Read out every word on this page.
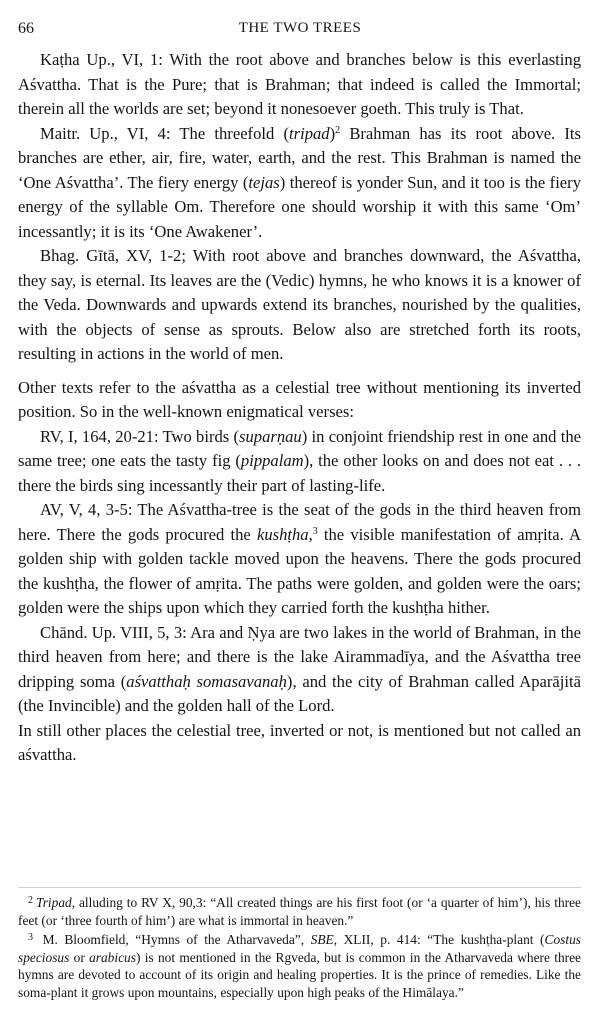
66	THE TWO TREES

Kaṭha Up., VI, 1: With the root above and branches below is this everlasting Aśvattha. That is the Pure; that is Brahman; that indeed is called the Immortal; therein all the worlds are set; beyond it nonesoever goeth. This truly is That.

Maitr. Up., VI, 4: The threefold (tripad)$^2$ Brahman has its root above. Its branches are ether, air, fire, water, earth, and the rest. This Brahman is named the ‘One Aśvattha’. The fiery energy (tejas) thereof is yonder Sun, and it too is the fiery energy of the syllable Om. Therefore one should worship it with this same ‘Om’ incessantly; it is its ‘One Awakener’.

Bhag. Gītā, XV, 1-2; With root above and branches downward, the Aśvattha, they say, is eternal. Its leaves are the (Vedic) hymns, he who knows it is a knower of the Veda. Downwards and upwards extend its branches, nourished by the qualities, with the objects of sense as sprouts. Below also are stretched forth its roots, resulting in actions in the world of men.

Other texts refer to the aśvattha as a celestial tree without mentioning its inverted position. So in the well-known enigmatical verses:

RV, I, 164, 20-21: Two birds (suparṇau) in conjoint friendship rest in one and the same tree; one eats the tasty fig (pippalam), the other looks on and does not eat . . . there the birds sing incessantly their part of lasting-life.

AV, V, 4, 3-5: The Aśvattha-tree is the seat of the gods in the third heaven from here. There the gods procured the kushṭha,$^3$ the visible manifestation of amṛita. A golden ship with golden tackle moved upon the heavens. There the gods procured the kushṭha, the flower of amṛita. The paths were golden, and golden were the oars; golden were the ships upon which they carried forth the kushṭha hither.

Chānd. Up. VIII, 5, 3: Ara and Ṇya are two lakes in the world of Brahman, in the third heaven from here; and there is the lake Airammadīya, and the Aśvattha tree dripping soma (aśvatthaḥ somasavanaḥ), and the city of Brahman called Aparājitā (the Invincible) and the golden hall of the Lord.

In still other places the celestial tree, inverted or not, is mentioned but not called an aśvattha.

$^2$ Tripad, alluding to RV X, 90,3: “All created things are his first foot (or ‘a quarter of him’), his three feet (or ‘three fourth of him’) are what is immortal in heaven.”

$^3$ M. Bloomfield, “Hymns of the Atharvaveda”, SBE, XLII, p. 414: “The kushṭha-plant (Costus speciosus or arabicus) is not mentioned in the Rgveda, but is common in the Atharvaveda where three hymns are devoted to account of its origin and healing properties. It is the prince of remedies. Like the soma-plant it grows upon mountains, especially upon high peaks of the Himālaya.”
